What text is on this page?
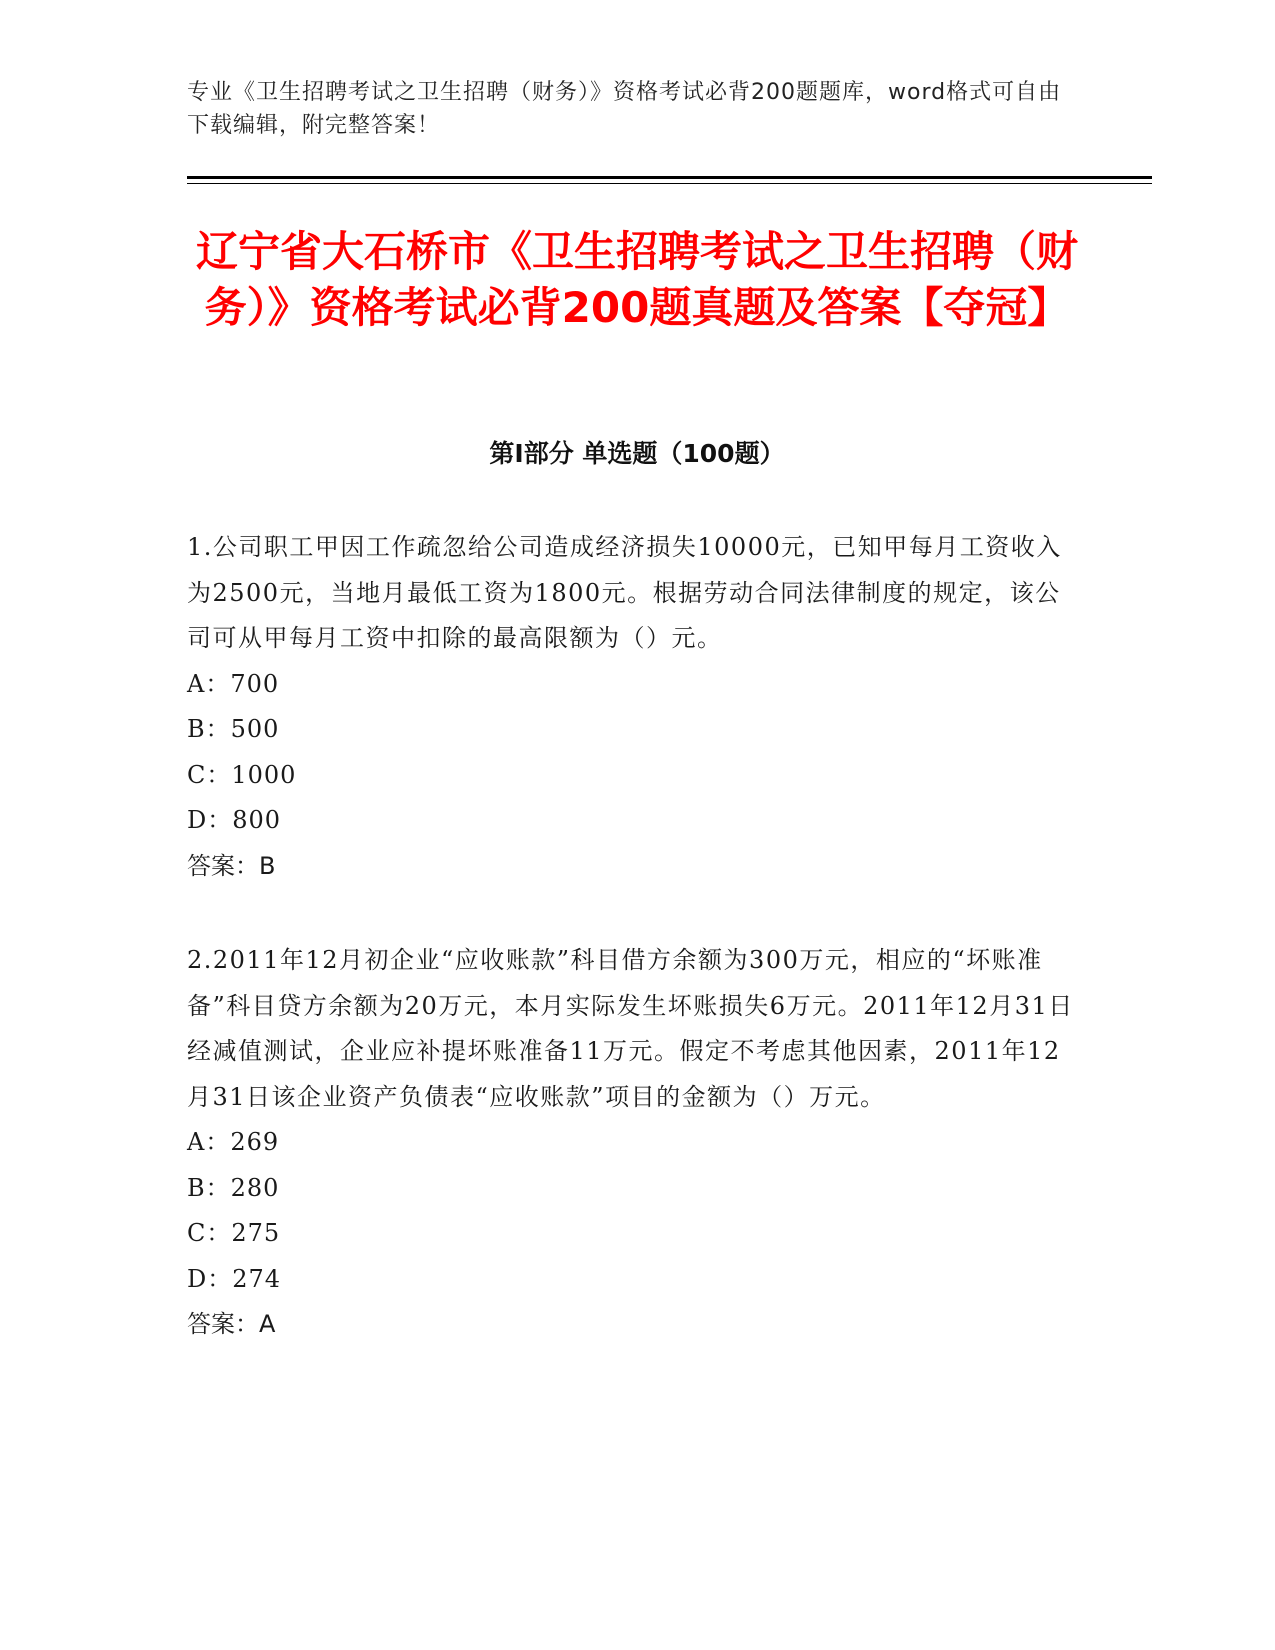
专业《卫生招聘考试之卫生招聘（财务）》资格考试必背200题题库，word格式可自由下载编辑，附完整答案！
辽宁省大石桥市《卫生招聘考试之卫生招聘（财务）》资格考试必背200题真题及答案【夺冠】
第I部分 单选题（100题）
1.公司职工甲因工作疏忽给公司造成经济损失10000元，已知甲每月工资收入为2500元，当地月最低工资为1800元。根据劳动合同法律制度的规定，该公司可从甲每月工资中扣除的最高限额为（）元。
A：700
B：500
C：1000
D：800
答案：B
2.2011年12月初企业“应收账款”科目借方余额为300万元，相应的“坏账准备”科目贷方余额为20万元，本月实际发生坏账损失6万元。2011年12月31日经减值测试，企业应补提坏账准备11万元。假定不考虑其他因素，2011年12月31日该企业资产负债表“应收账款”项目的金额为（）万元。
A：269
B：280
C：275
D：274
答案：A
